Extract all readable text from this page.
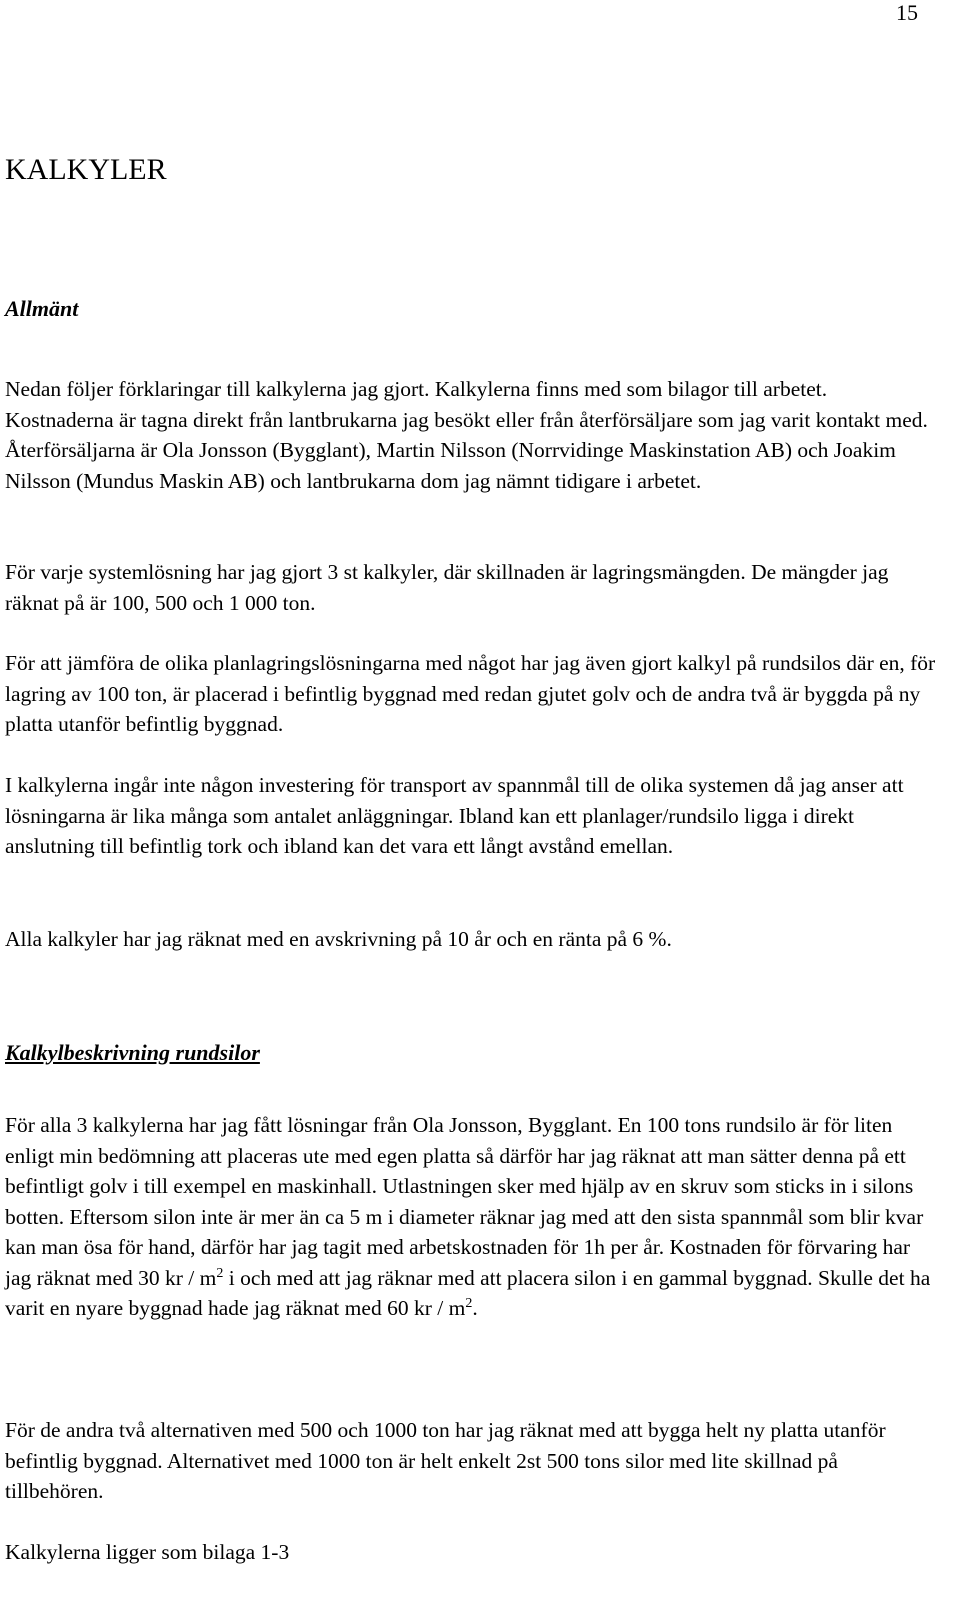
15
KALKYLER
Allmänt

Nedan följer förklaringar till kalkylerna jag gjort. Kalkylerna finns med som bilagor till arbetet. Kostnaderna är tagna direkt från lantbrukarna jag besökt eller från återförsäljare som jag varit kontakt med. Återförsäljarna är Ola Jonsson (Bygglant), Martin Nilsson (Norrvidinge Maskinstation AB) och Joakim Nilsson (Mundus Maskin AB) och lantbrukarna dom jag nämnt tidigare i arbetet.

För varje systemlösning har jag gjort 3 st kalkyler, där skillnaden är lagringsmängden. De mängder jag räknat på är 100, 500 och 1 000 ton.

För att jämföra de olika planlagringslösningarna med något har jag även gjort kalkyl på rundsilos där en, för lagring av 100 ton, är placerad i befintlig byggnad med redan gjutet golv och de andra två är byggda på ny platta utanför befintlig byggnad.

I kalkylerna ingår inte någon investering för transport av spannmål till de olika systemen då jag anser att lösningarna är lika många som antalet anläggningar. Ibland kan ett planlager/rundsilo ligga i direkt anslutning till befintlig tork och ibland kan det vara ett långt avstånd emellan.

Alla kalkyler har jag räknat med en avskrivning på 10 år och en ränta på 6 %.

Kalkylbeskrivning rundsilor

För alla 3 kalkylerna har jag fått lösningar från Ola Jonsson, Bygglant. En 100 tons rundsilo är för liten enligt min bedömning att placeras ute med egen platta så därför har jag räknat att man sätter denna på ett befintligt golv i till exempel en maskinhall. Utlastningen sker med hjälp av en skruv som sticks in i silons botten. Eftersom silon inte är mer än ca 5 m i diameter räknar jag med att den sista spannmål som blir kvar kan man ösa för hand, därför har jag tagit med arbetskostnaden för 1h per år. Kostnaden för förvaring har jag räknat med 30 kr / $m^2$ i och med att jag räknar med att placera silon i en gammal byggnad. Skulle det ha varit en nyare byggnad hade jag räknat med 60 kr / $m^2$.

För de andra två alternativen med 500 och 1000 ton har jag räknat med att bygga helt ny platta utanför befintlig byggnad. Alternativet med 1000 ton är helt enkelt 2st 500 tons silor med lite skillnad på tillbehören.

Kalkylerna ligger som bilaga 1-3
